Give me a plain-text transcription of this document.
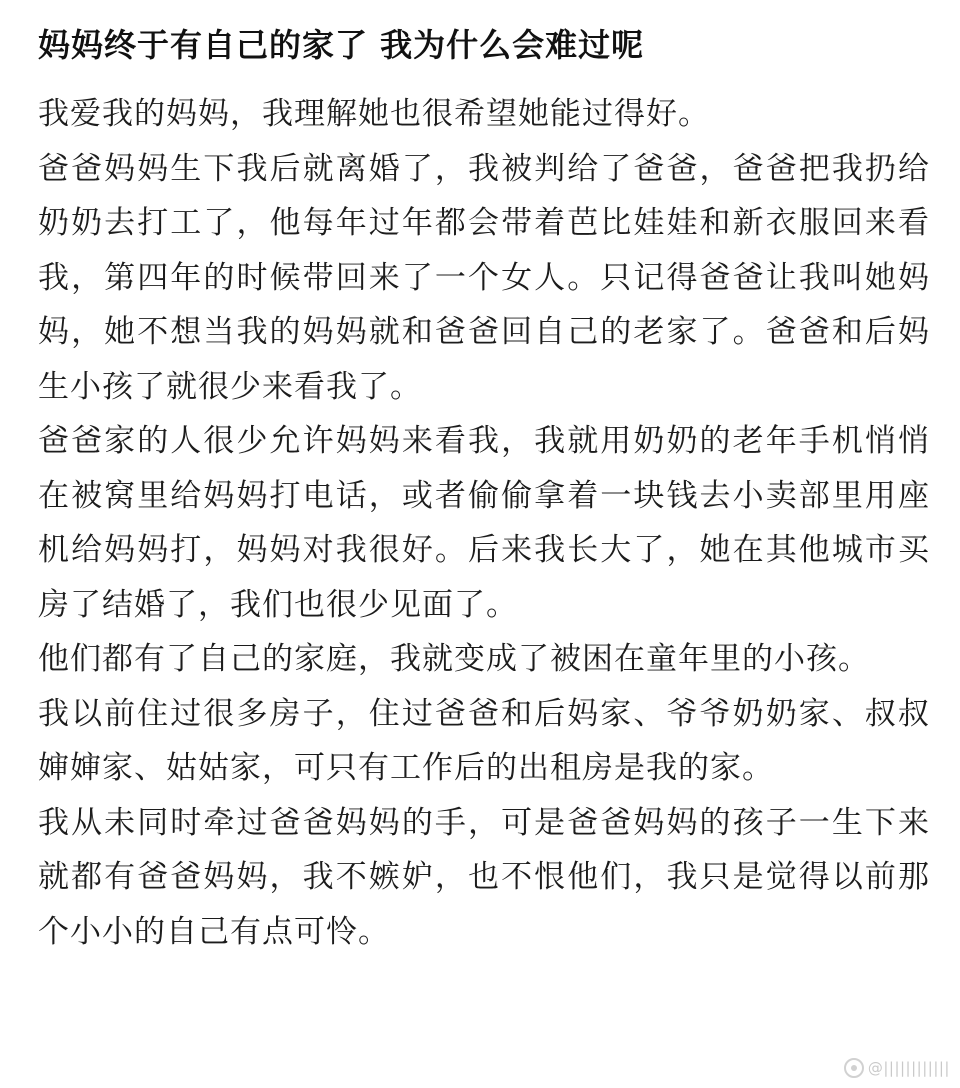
妈妈终于有自己的家了 我为什么会难过呢

我爱我的妈妈，我理解她也很希望她能过得好。

爸爸妈妈生下我后就离婚了，我被判给了爸爸，爸爸把我扔给奶奶去打工了，他每年过年都会带着芭比娃娃和新衣服回来看我，第四年的时候带回来了一个女人。只记得爸爸让我叫她妈妈，她不想当我的妈妈就和爸爸回自己的老家了。爸爸和后妈生小孩了就很少来看我了。

爸爸家的人很少允许妈妈来看我，我就用奶奶的老年手机悄悄在被窝里给妈妈打电话，或者偷偷拿着一块钱去小卖部里用座机给妈妈打，妈妈对我很好。后来我长大了，她在其他城市买房了结婚了，我们也很少见面了。

他们都有了自己的家庭，我就变成了被困在童年里的小孩。

我以前住过很多房子，住过爸爸和后妈家、爷爷奶奶家、叔叔婶婶家、姑姑家，可只有工作后的出租房是我的家。

我从未同时牵过爸爸妈妈的手，可是爸爸妈妈的孩子一生下来就都有爸爸妈妈，我不嫉妒，也不恨他们，我只是觉得以前那个小小的自己有点可怜。

@||||||||||||
